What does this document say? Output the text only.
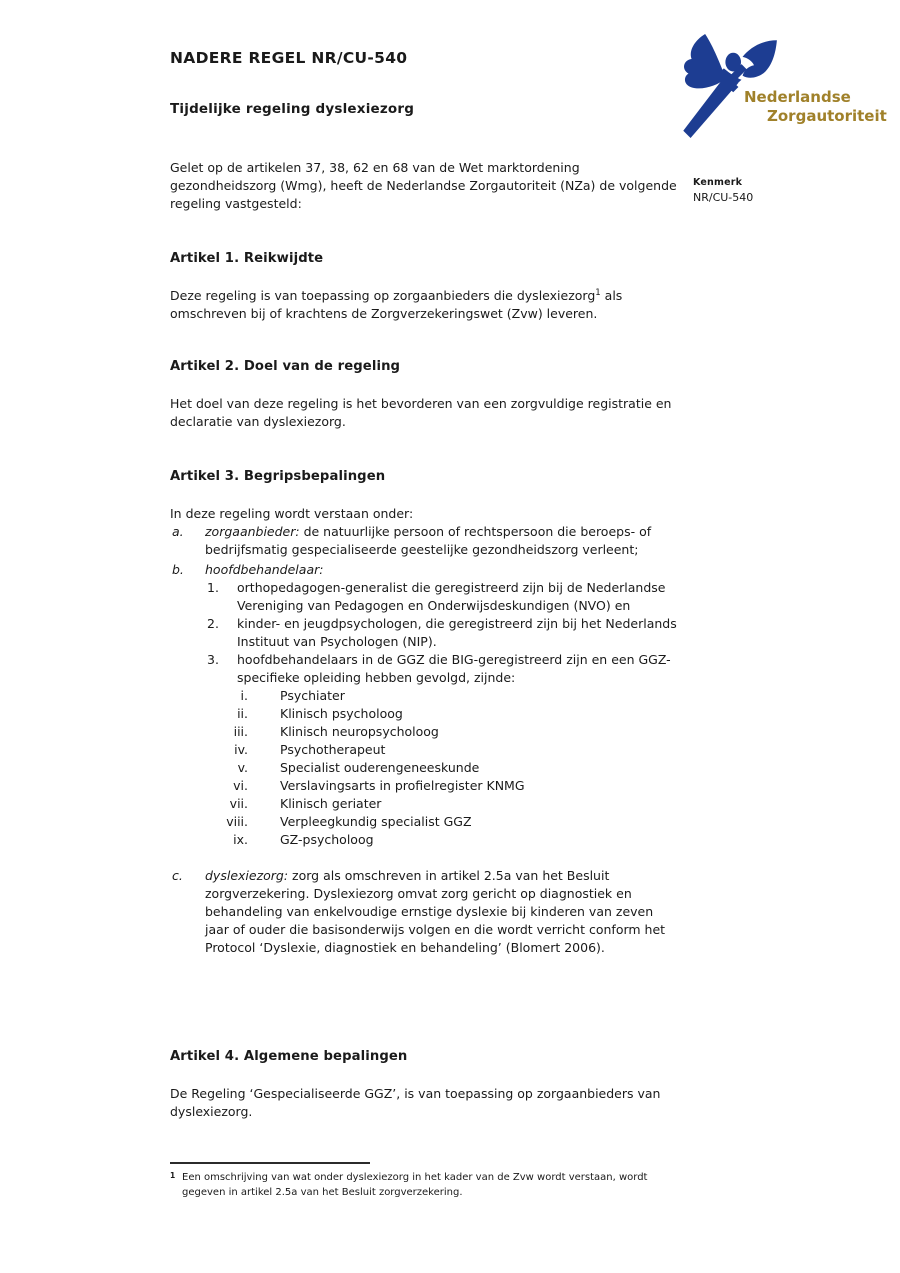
NADERE REGEL NR/CU-540
Tijdelijke regeling dyslexiezorg
Gelet op de artikelen 37, 38, 62 en 68 van de Wet marktordening gezondheidszorg (Wmg), heeft de Nederlandse Zorgautoriteit (NZa) de volgende regeling vastgesteld:
Nederlandse
Zorgautoriteit
Kenmerk
NR/CU-540
Artikel 1. Reikwijdte

Deze regeling is van toepassing op zorgaanbieders die dyslexiezorg$^1$ als omschreven bij of krachtens de Zorgverzekeringswet (Zvw) leveren.

Artikel 2. Doel van de regeling

Het doel van deze regeling is het bevorderen van een zorgvuldige registratie en declaratie van dyslexiezorg.

Artikel 3. Begripsbepalingen
In deze regeling wordt verstaan onder:
a. zorgaanbieder: de natuurlijke persoon of rechtspersoon die beroeps- of bedrijfsmatig gespecialiseerde geestelijke gezondheidszorg verleent;
b. hoofdbehandelaar:
1. orthopedagogen-generalist die geregistreerd zijn bij de Nederlandse Vereniging van Pedagogen en Onderwijsdeskundigen (NVO) en
2. kinder- en jeugdpsychologen, die geregistreerd zijn bij het Nederlands Instituut van Psychologen (NIP).
3. hoofdbehandelaars in de GGZ die BIG-geregistreerd zijn en een GGZ-specifieke opleiding hebben gevolgd, zijnde:
i.	Psychiater
ii.	Klinisch psycholoog
iii.	Klinisch neuropsycholoog
iv.	Psychotherapeut
v.	Specialist ouderengeneeskunde
vi.	Verslavingsarts in profielregister KNMG
vii.	Klinisch geriater
viii.	Verpleegkundig specialist GGZ
ix.	GZ-psycholoog
c. dyslexiezorg: zorg als omschreven in artikel 2.5a van het Besluit zorgverzekering. Dyslexiezorg omvat zorg gericht op diagnostiek en behandeling van enkelvoudige ernstige dyslexie bij kinderen van zeven jaar of ouder die basisonderwijs volgen en die wordt verricht conform het Protocol ‘Dyslexie, diagnostiek en behandeling’ (Blomert 2006).
Artikel 4. Algemene bepalingen

De Regeling ‘Gespecialiseerde GGZ’, is van toepassing op zorgaanbieders van dyslexiezorg.

1 Een omschrijving van wat onder dyslexiezorg in het kader van de Zvw wordt verstaan, wordt gegeven in artikel 2.5a van het Besluit zorgverzekering.
